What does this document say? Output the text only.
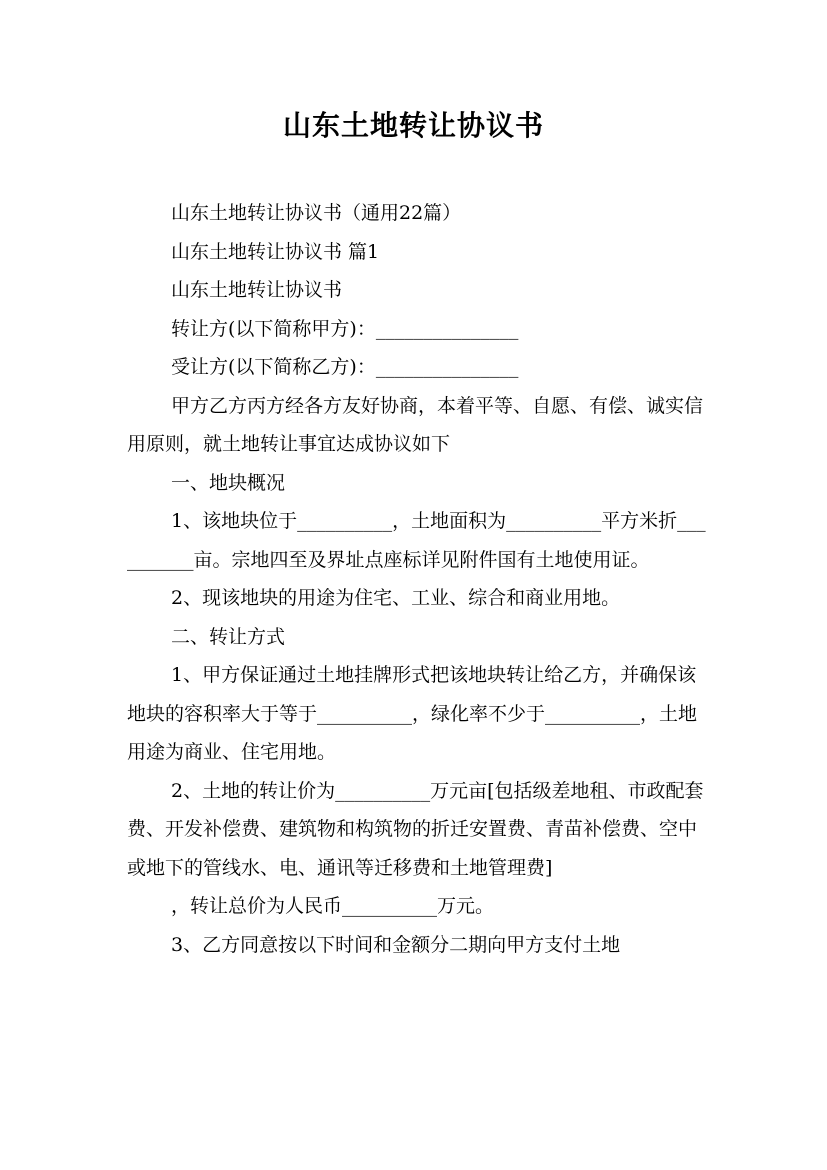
山东土地转让协议书

山东土地转让协议书（通用22篇）

山东土地转让协议书 篇1

山东土地转让协议书

转让方(以下简称甲方)：_______________

受让方(以下简称乙方)：_______________

甲方乙方丙方经各方友好协商，本着平等、自愿、有偿、诚实信用原则，就土地转让事宜达成协议如下

一、地块概况

1、该地块位于__________，土地面积为__________平方米折__________亩。宗地四至及界址点座标详见附件国有土地使用证。

2、现该地块的用途为住宅、工业、综合和商业用地。

二、转让方式

1、甲方保证通过土地挂牌形式把该地块转让给乙方，并确保该地块的容积率大于等于__________，绿化率不少于__________，土地用途为商业、住宅用地。

2、土地的转让价为__________万元亩[包括级差地租、市政配套费、开发补偿费、建筑物和构筑物的折迁安置费、青苗补偿费、空中或地下的管线水、电、通讯等迁移费和土地管理费]

，转让总价为人民币__________万元。

3、乙方同意按以下时间和金额分二期向甲方支付土地
